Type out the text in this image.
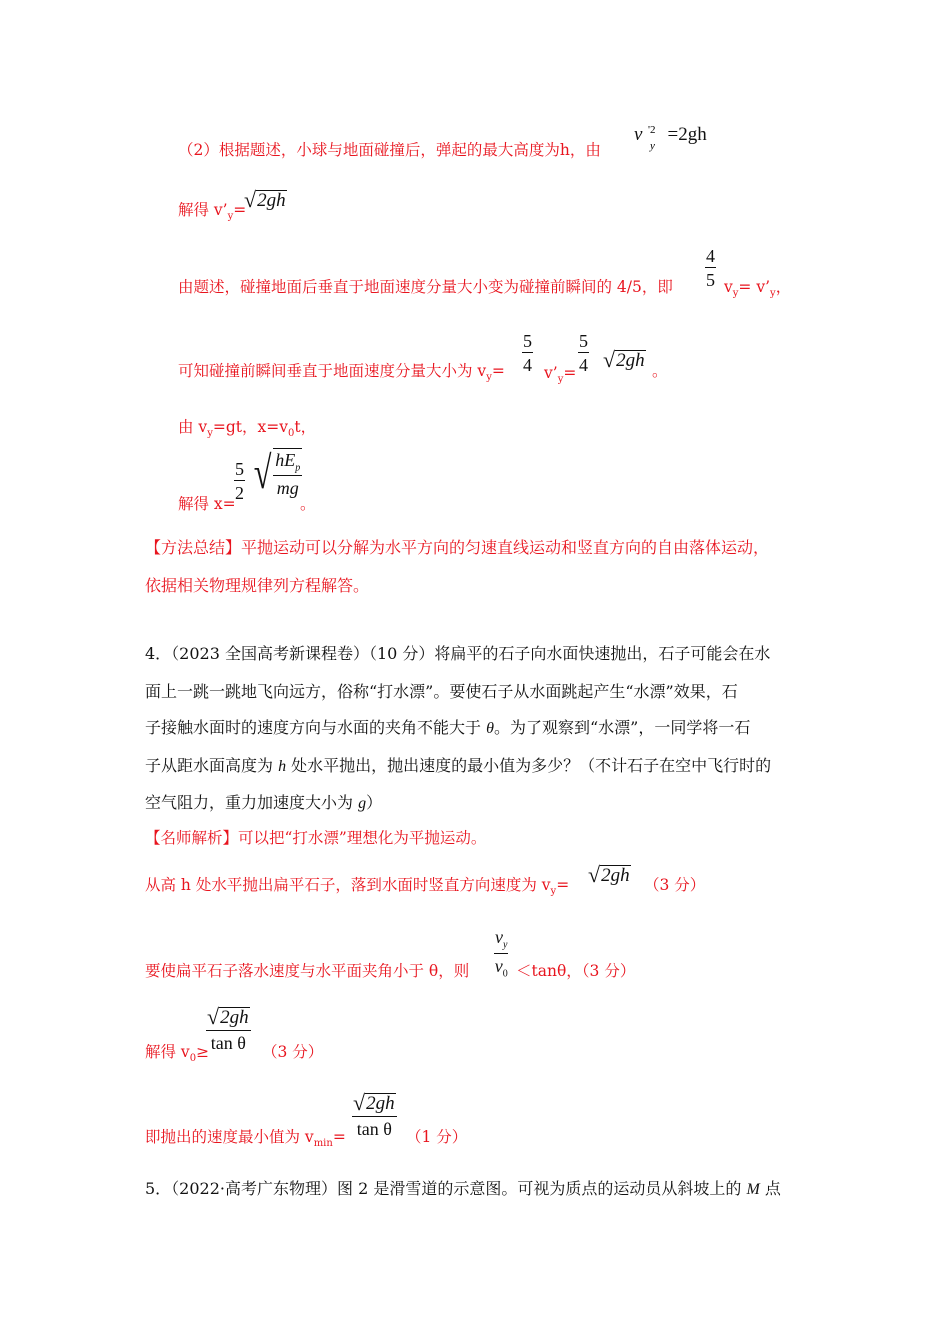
（2）根据题述，小球与地面碰撞后，弹起的最大高度为h，由
v '2
y
=2gh
解得 $v’_y=$
√ 2gh
由题述，碰撞地面后垂直于地面速度分量大小变为碰撞前瞬间的 4/5，即 $\frac{4}{5} v_y=$ $v’_y$，
可知碰撞前瞬间垂直于地面速度分量大小为 $v_y= \frac{5}{4}$ $v’_y= \frac{5}{4}$ √ 2gh 。
由 $v_y=gt$，$x=v_0t$，
解得 x=
$\frac{5}{2}$ √ $hE_p$
mg
。
【方法总结】平抛运动可以分解为水平方向的匀速直线运动和竖直方向的自由落体运动，
依据相关物理规律列方程解答。
4．（2023 全国高考新课程卷）（10 分）将扁平的石子向水面快速抛出，石子可能会在水
面上一跳一跳地飞向远方，俗称“打水漂”。要使石子从水面跳起产生“水漂”效果，石
子接触水面时的速度方向与水面的夹角不能大于 θ。为了观察到“水漂”，一同学将一石
子从距水面高度为 h 处水平抛出，抛出速度的最小值为多少？（不计石子在空中飞行时的
空气阻力，重力加速度大小为 g）
【名师解析】可以把“打水漂”理想化为平抛运动。
从高 h 处水平抛出扁平石子，落到水面时竖直方向速度为 $v_y=$ √ 2gh （3 分）
要使扁平石子落水速度与水平面夹角小于 θ，则 $\frac{v_y}{v_0} <\tan\theta$，（3 分）
解得 $v_0\ge$
$\frac{√ 2gh}{\text{tan θ}} (3$ 分）
即抛出的速度最小值为 $v_{min}= \frac{√ 2gh}{\text{tan θ}} (1$ 分）
5．（2022·高考广东物理）图 2 是滑雪道的示意图。可视为质点的运动员从斜坡上的 M 点
